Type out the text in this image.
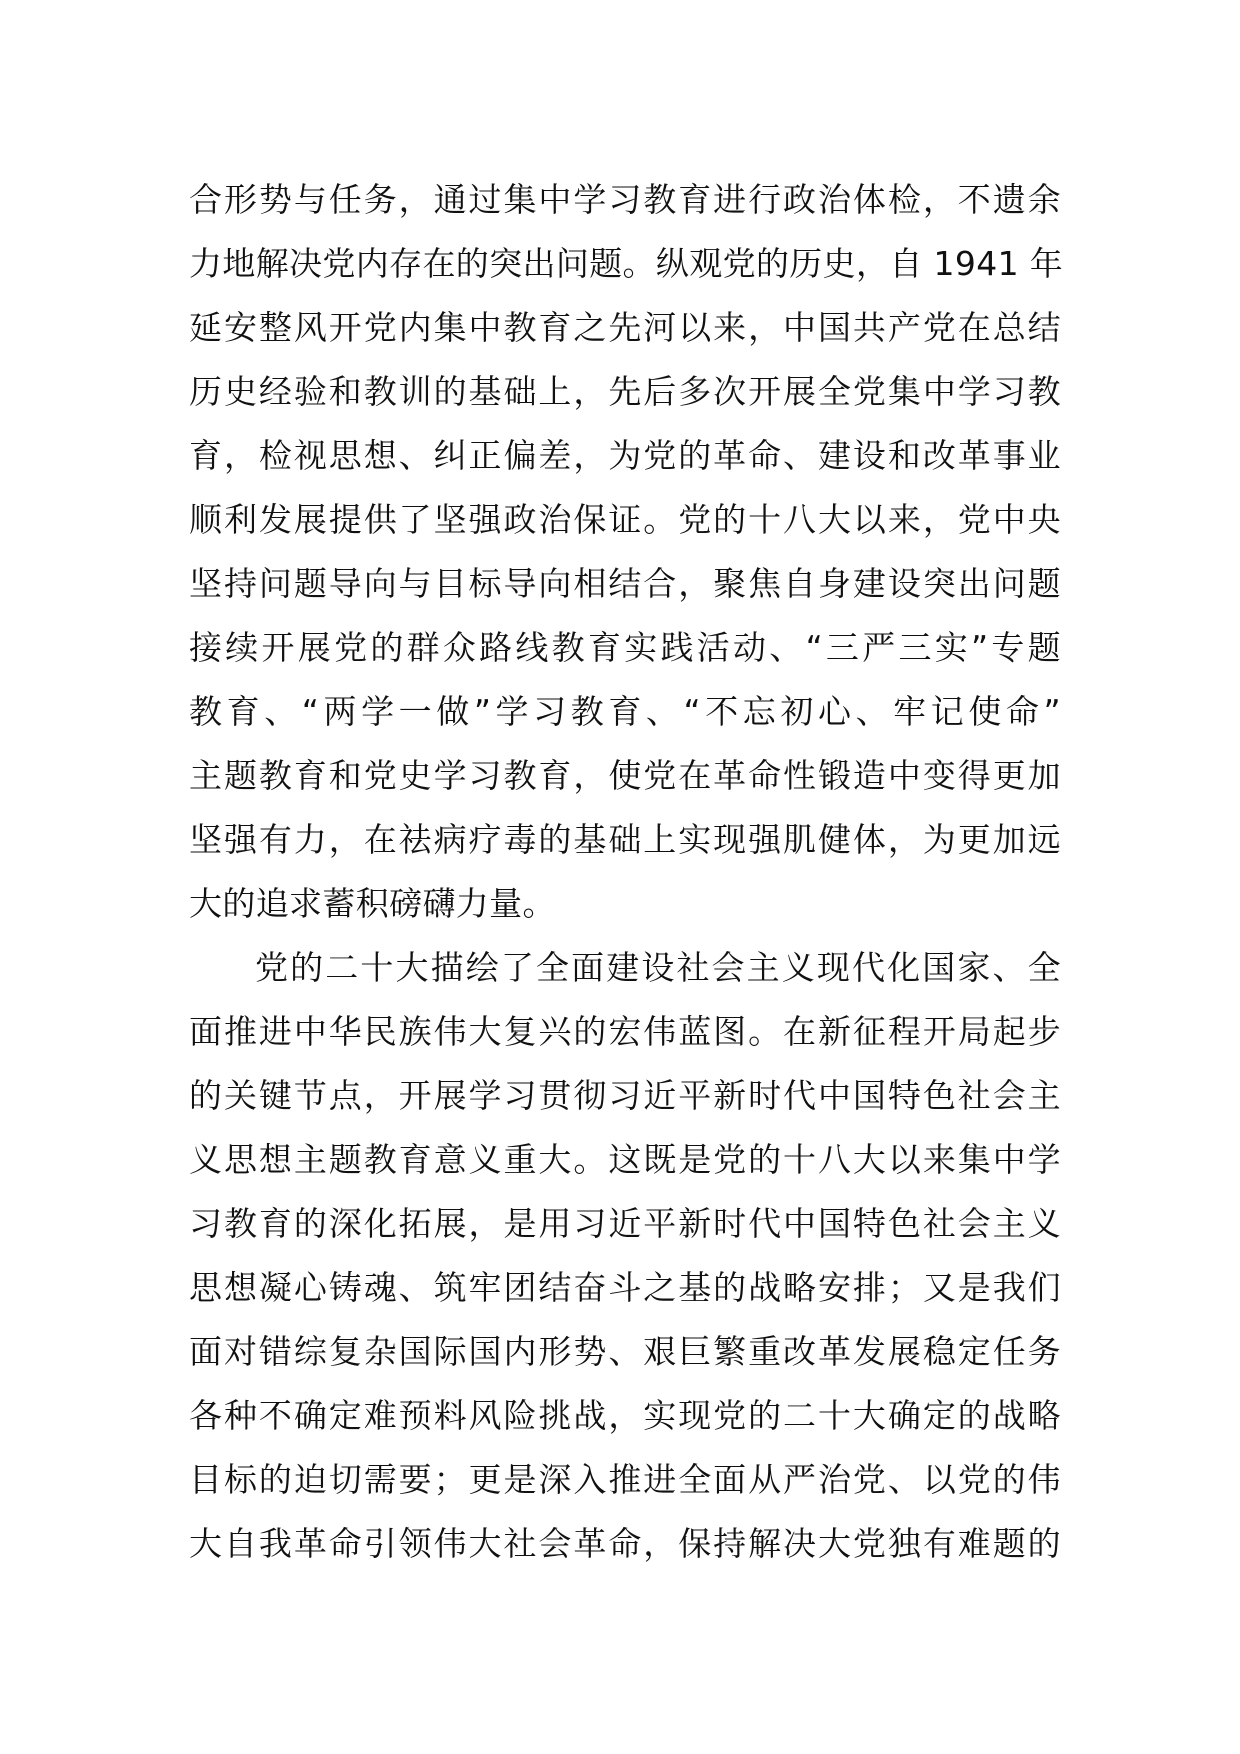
合形势与任务，通过集中学习教育进行政治体检，不遗余
力地解决党内存在的突出问题。纵观党的历史，自 1941 年
延安整风开党内集中教育之先河以来，中国共产党在总结
历史经验和教训的基础上，先后多次开展全党集中学习教
育，检视思想、纠正偏差，为党的革命、建设和改革事业
顺利发展提供了坚强政治保证。党的十八大以来，党中央
坚持问题导向与目标导向相结合，聚焦自身建设突出问题
接续开展党的群众路线教育实践活动、“三严三实”专题
教育、“两学一做”学习教育、“不忘初心、牢记使命”
主题教育和党史学习教育，使党在革命性锻造中变得更加
坚强有力，在祛病疗毒的基础上实现强肌健体，为更加远
大的追求蓄积磅礴力量。
党的二十大描绘了全面建设社会主义现代化国家、全
面推进中华民族伟大复兴的宏伟蓝图。在新征程开局起步
的关键节点，开展学习贯彻习近平新时代中国特色社会主
义思想主题教育意义重大。这既是党的十八大以来集中学
习教育的深化拓展，是用习近平新时代中国特色社会主义
思想凝心铸魂、筑牢团结奋斗之基的战略安排；又是我们
面对错综复杂国际国内形势、艰巨繁重改革发展稳定任务
各种不确定难预料风险挑战，实现党的二十大确定的战略
目标的迫切需要；更是深入推进全面从严治党、以党的伟
大自我革命引领伟大社会革命，保持解决大党独有难题的
